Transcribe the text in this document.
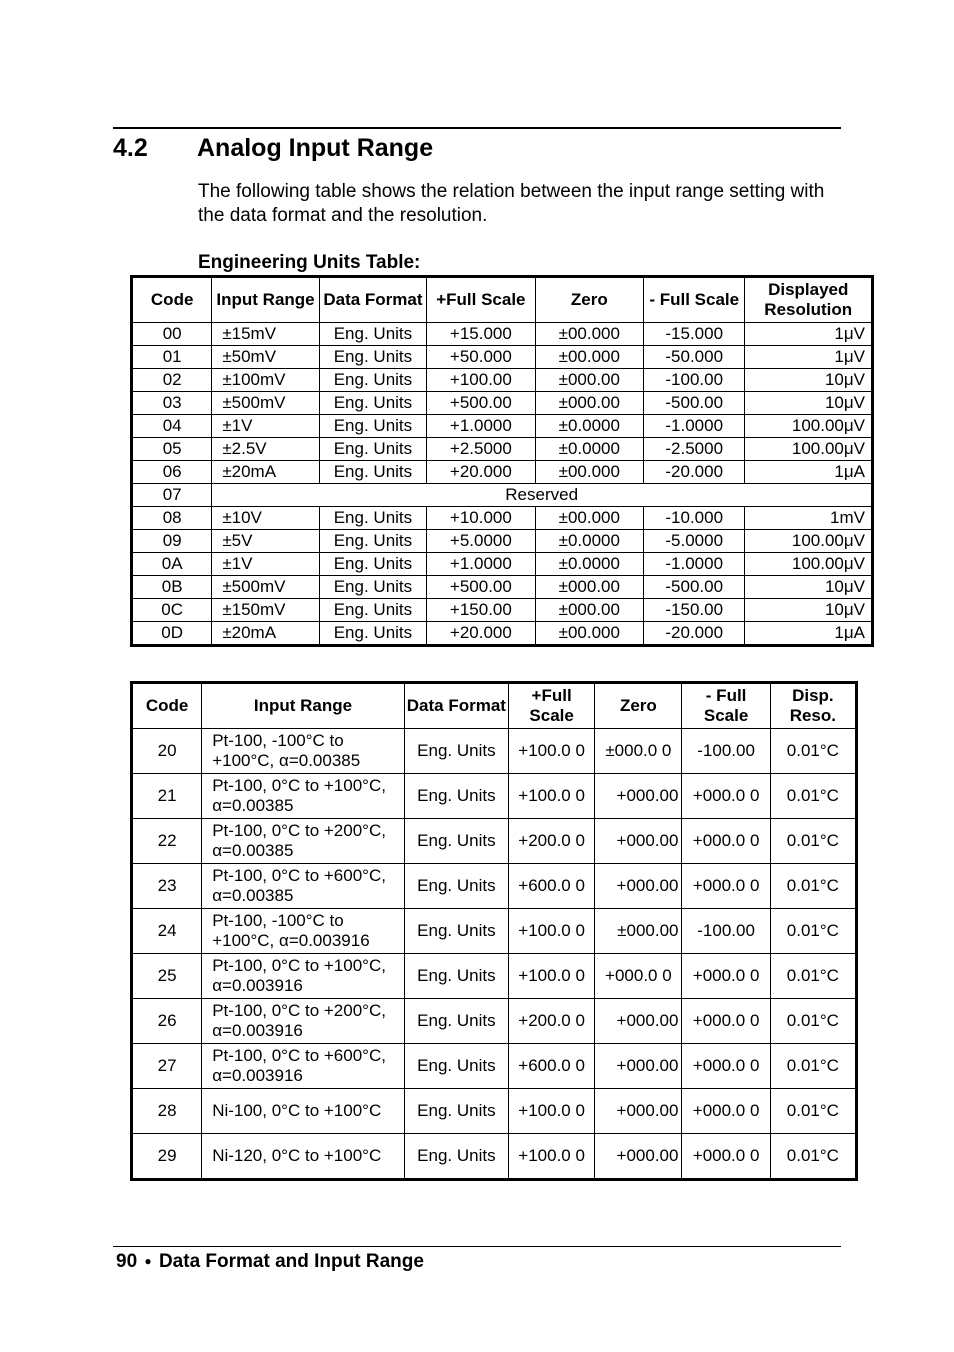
4.2 Analog Input Range
The following table shows the relation between the input range setting with the data format and the resolution.
Engineering Units Table:
Code	Input Range	Data Format	+Full Scale	Zero	- Full Scale	Displayed Resolution
00	±15mV	Eng. Units	+15.000	±00.000	-15.000	1μV
01	±50mV	Eng. Units	+50.000	±00.000	-50.000	1μV
02	±100mV	Eng. Units	+100.00	±000.00	-100.00	10μV
03	±500mV	Eng. Units	+500.00	±000.00	-500.00	10μV
04	±1V	Eng. Units	+1.0000	±0.0000	-1.0000	100.00μV
05	±2.5V	Eng. Units	+2.5000	±0.0000	-2.5000	100.00μV
06	±20mA	Eng. Units	+20.000	±00.000	-20.000	1μA
07	Reserved					
08	±10V	Eng. Units	+10.000	±00.000	-10.000	1mV
09	±5V	Eng. Units	+5.0000	±0.0000	-5.0000	100.00μV
0A	±1V	Eng. Units	+1.0000	±0.0000	-1.0000	100.00μV
0B	±500mV	Eng. Units	+500.00	±000.00	-500.00	10μV
0C	±150mV	Eng. Units	+150.00	±000.00	-150.00	10μV
0D	±20mA	Eng. Units	+20.000	±00.000	-20.000	1μA
Code	Input Range	Data Format	+Full Scale	Zero	- Full Scale	Disp. Reso.
20	Pt-100, -100°C to +100°C, α=0.00385	Eng. Units	+100.0 0	±000.0 0	-100.00	0.01°C
21	Pt-100, 0°C to +100°C, α=0.00385	Eng. Units	+100.0 0	+000.00	+000.0 0	0.01°C
22	Pt-100, 0°C to +200°C, α=0.00385	Eng. Units	+200.0 0	+000.00	+000.0 0	0.01°C
23	Pt-100, 0°C to +600°C, α=0.00385	Eng. Units	+600.0 0	+000.00	+000.0 0	0.01°C
24	Pt-100, -100°C to +100°C, α=0.003916	Eng. Units	+100.0 0	±000.00	-100.00	0.01°C
25	Pt-100, 0°C to +100°C, α=0.003916	Eng. Units	+100.0 0	+000.0 0	+000.0 0	0.01°C
26	Pt-100, 0°C to +200°C, α=0.003916	Eng. Units	+200.0 0	+000.00	+000.0 0	0.01°C
27	Pt-100, 0°C to +600°C, α=0.003916	Eng. Units	+600.0 0	+000.00	+000.0 0	0.01°C
28	Ni-100, 0°C to +100°C	Eng. Units	+100.0 0	+000.00	+000.0 0	0.01°C
29	Ni-120, 0°C to +100°C	Eng. Units	+100.0 0	+000.00	+000.0 0	0.01°C
90 ● Data Format and Input Range
